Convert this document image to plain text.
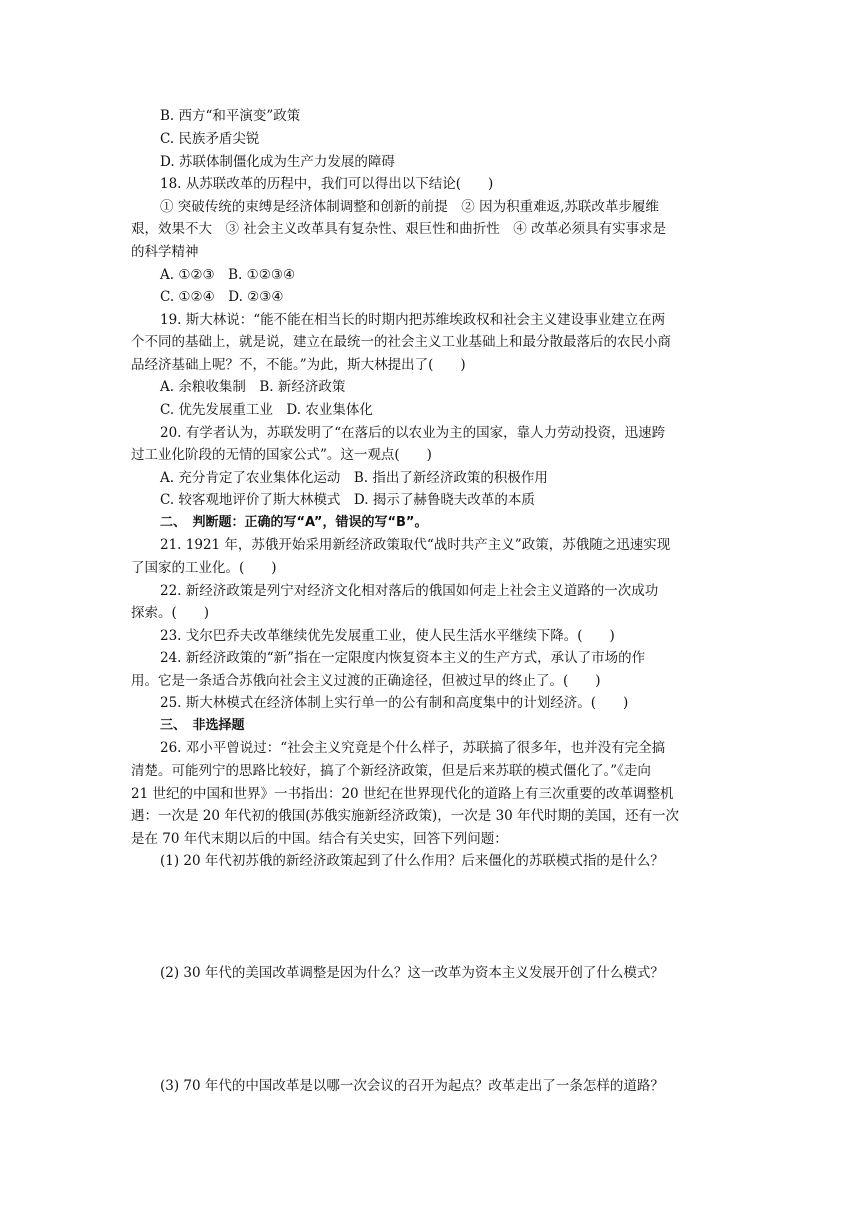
B. 西方“和平演变”政策
C. 民族矛盾尖锐
D. 苏联体制僵化成为生产力发展的障碍
18. 从苏联改革的历程中，我们可以得出以下结论(　　)
① 突破传统的束缚是经济体制调整和创新的前提　② 因为积重难返,苏联改革步履维
艰，效果不大　③ 社会主义改革具有复杂性、艰巨性和曲折性　④ 改革必须具有实事求是
的科学精神
A. ①②③　B. ①②③④
C. ①②④　D. ②③④
19. 斯大林说：“能不能在相当长的时期内把苏维埃政权和社会主义建设事业建立在两
个不同的基础上，就是说，建立在最统一的社会主义工业基础上和最分散最落后的农民小商
品经济基础上呢？不，不能。”为此，斯大林提出了(　　)
A. 余粮收集制　B. 新经济政策
C. 优先发展重工业　D. 农业集体化
20. 有学者认为，苏联发明了“在落后的以农业为主的国家，靠人力劳动投资，迅速跨
过工业化阶段的无情的国家公式”。这一观点(　　)
A. 充分肯定了农业集体化运动　B. 指出了新经济政策的积极作用
C. 较客观地评价了斯大林模式　D. 揭示了赫鲁晓夫改革的本质
二、　判断题：正确的写“A”，错误的写“B”。
21. 1921 年，苏俄开始采用新经济政策取代“战时共产主义”政策，苏俄随之迅速实现
了国家的工业化。(　　)
22. 新经济政策是列宁对经济文化相对落后的俄国如何走上社会主义道路的一次成功
探索。(　　)
23. 戈尔巴乔夫改革继续优先发展重工业，使人民生活水平继续下降。(　　)
24. 新经济政策的“新”指在一定限度内恢复资本主义的生产方式，承认了市场的作
用。它是一条适合苏俄向社会主义过渡的正确途径，但被过早的终止了。(　　)
25. 斯大林模式在经济体制上实行单一的公有制和高度集中的计划经济。(　　)
三、　非选择题
26. 邓小平曾说过：“社会主义究竟是个什么样子，苏联搞了很多年，也并没有完全搞
清楚。可能列宁的思路比较好，搞了个新经济政策，但是后来苏联的模式僵化了。”《走向
21 世纪的中国和世界》一书指出：20 世纪在世界现代化的道路上有三次重要的改革调整机
遇：一次是 20 年代初的俄国(苏俄实施新经济政策)，一次是 30 年代时期的美国，还有一次
是在 70 年代末期以后的中国。结合有关史实，回答下列问题：
(1) 20 年代初苏俄的新经济政策起到了什么作用？后来僵化的苏联模式指的是什么？
(2) 30 年代的美国改革调整是因为什么？这一改革为资本主义发展开创了什么模式？
(3) 70 年代的中国改革是以哪一次会议的召开为起点？改革走出了一条怎样的道路？
